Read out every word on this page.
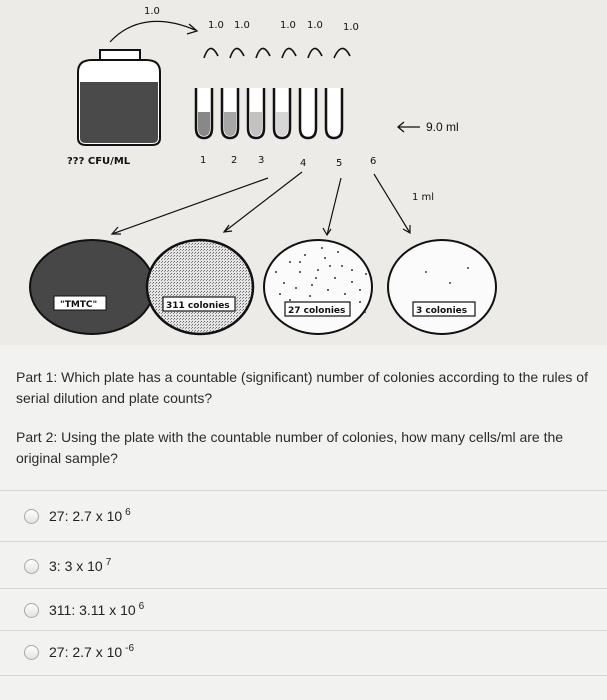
1.0
??? CFU/ML
1.0 1.0	1.0 1.0 1.0
9.0 ml
1 2 3	4	5	6
1 ml
"TMTC"	311 colonies	27 colonies	3 colonies
Part 1: Which plate has a countable (significant) number of colonies according to the rules of serial dilution and plate counts?
Part 2: Using the plate with the countable number of colonies, how many cells/ml are the original sample?
27: 2.7 x 10 $^6$
3: 3 x 10 $^7$
311: 3.11 x 10 $^6$
27: 2.7 x 10 $^{-6}$
